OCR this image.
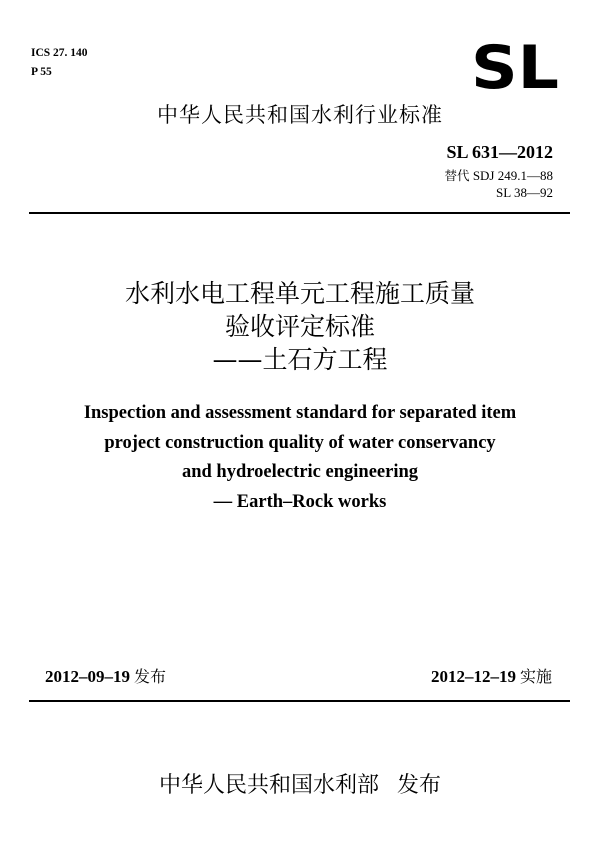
ICS 27. 140
P 55	SL
中华人民共和国水利行业标准
SL 631—2012
替代 SDJ 249.1—88
SL 38—92
水利水电工程单元工程施工质量
验收评定标准
——土石方工程
Inspection and assessment standard for separated item
project construction quality of water conservancy
and hydroelectric engineering
— Earth–Rock works
2012–09–19 发布	2012–12–19 实施
中华人民共和国水利部 发布
